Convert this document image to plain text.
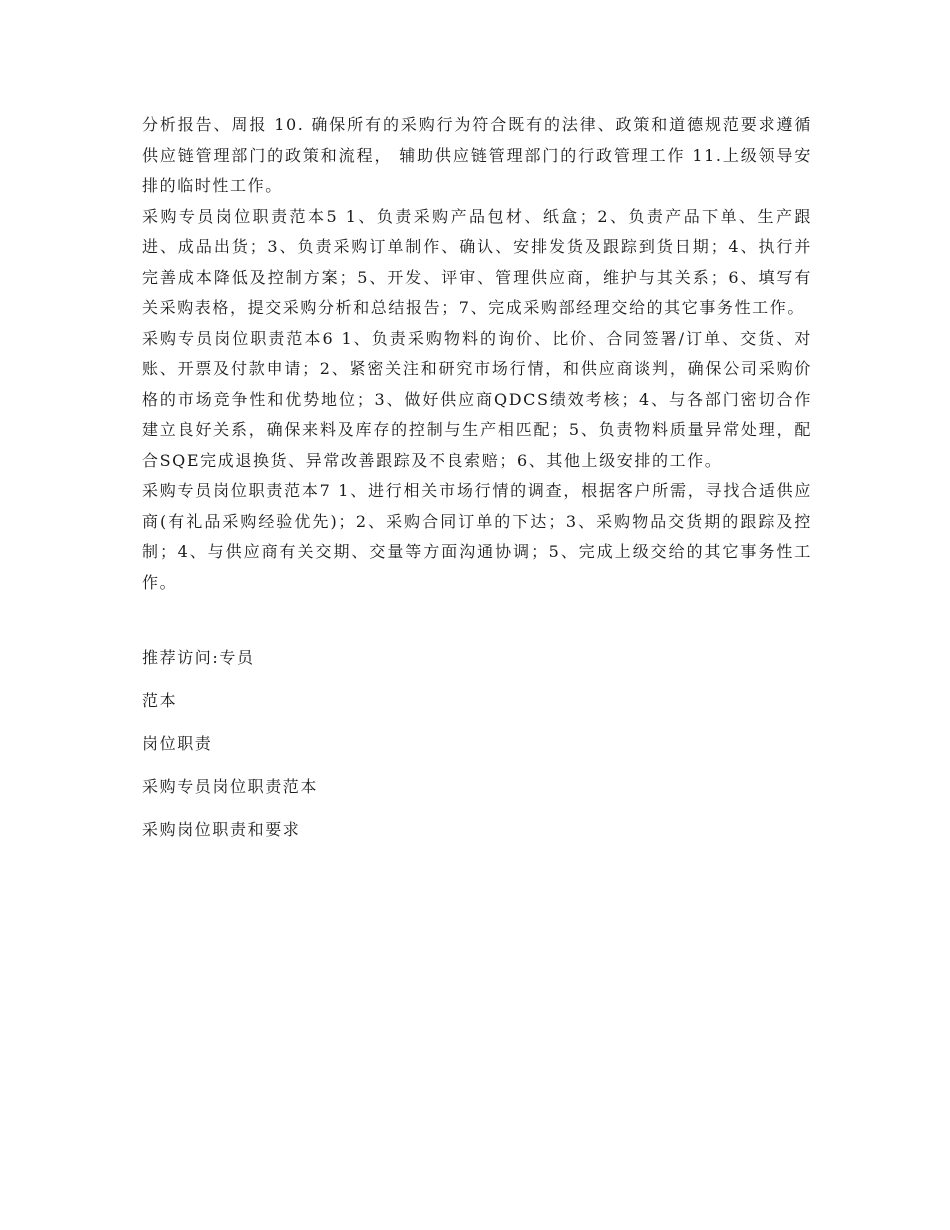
分析报告、周报 10. 确保所有的采购行为符合既有的法律、政策和道德规范要求遵循供应链管理部门的政策和流程， 辅助供应链管理部门的行政管理工作 11.上级领导安排的临时性工作。

采购专员岗位职责范本5 1、负责采购产品包材、纸盒；2、负责产品下单、生产跟进、成品出货；3、负责采购订单制作、确认、安排发货及跟踪到货日期；4、执行并完善成本降低及控制方案；5、开发、评审、管理供应商，维护与其关系；6、填写有关采购表格，提交采购分析和总结报告；7、完成采购部经理交给的其它事务性工作。

采购专员岗位职责范本6 1、负责采购物料的询价、比价、合同签署/订单、交货、对账、开票及付款申请；2、紧密关注和研究市场行情，和供应商谈判，确保公司采购价格的市场竞争性和优势地位；3、做好供应商QDCS绩效考核；4、与各部门密切合作建立良好关系，确保来料及库存的控制与生产相匹配；5、负责物料质量异常处理，配合SQE完成退换货、异常改善跟踪及不良索赔；6、其他上级安排的工作。

采购专员岗位职责范本7 1、进行相关市场行情的调查，根据客户所需，寻找合适供应商(有礼品采购经验优先)；2、采购合同订单的下达；3、采购物品交货期的跟踪及控制；4、与供应商有关交期、交量等方面沟通协调；5、完成上级交给的其它事务性工作。

推荐访问:专员

范本

岗位职责

采购专员岗位职责范本

采购岗位职责和要求
